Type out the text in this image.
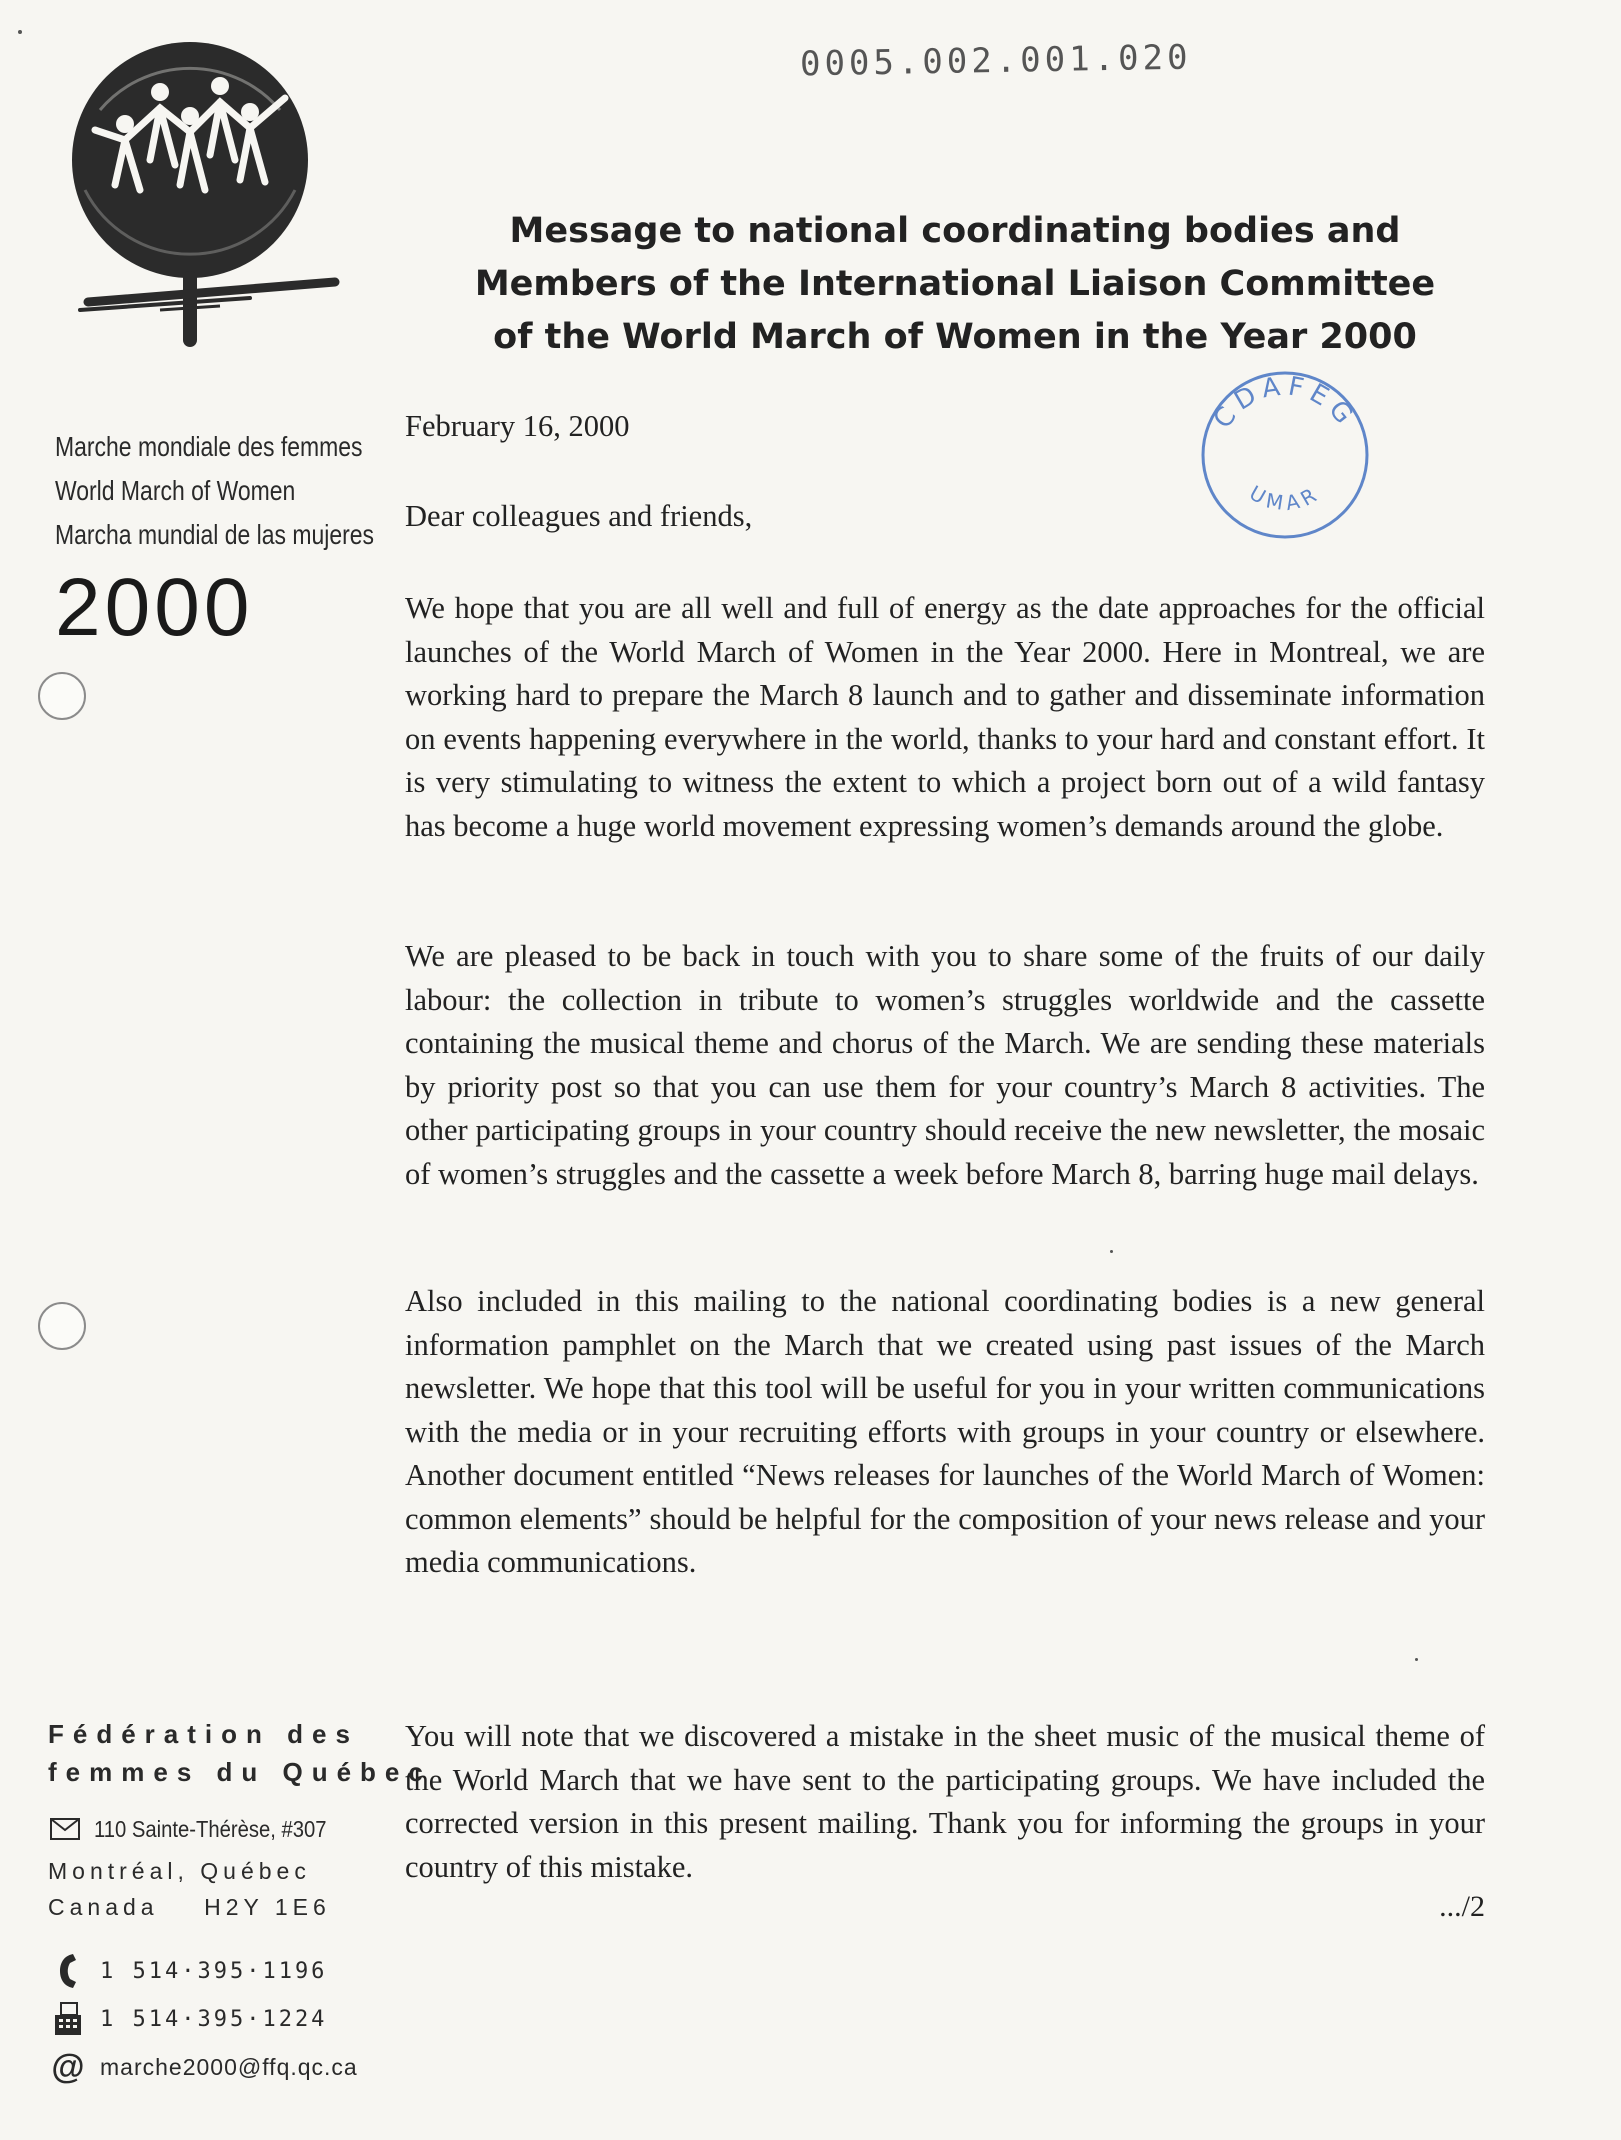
0005.002.001.020
Marche mondiale des femmes
World March of Women
Marcha mundial de las mujeres
2000
Message to national coordinating bodies and
Members of the International Liaison Committee
of the World March of Women in the Year 2000
CDAFEG
UMAR
February 16, 2000
Dear colleagues and friends,

We hope that you are all well and full of energy as the date approaches for the official launches of the World March of Women in the Year 2000. Here in Montreal, we are working hard to prepare the March 8 launch and to gather and disseminate information on events happening everywhere in the world, thanks to your hard and constant effort. It is very stimulating to witness the extent to which a project born out of a wild fantasy has become a huge world movement expressing women’s demands around the globe.

We are pleased to be back in touch with you to share some of the fruits of our daily labour: the collection in tribute to women’s struggles worldwide and the cassette containing the musical theme and chorus of the March. We are sending these materials by priority post so that you can use them for your country’s March 8 activities. The other participating groups in your country should receive the new newsletter, the mosaic of women’s struggles and the cassette a week before March 8, barring huge mail delays.

Also included in this mailing to the national coordinating bodies is a new general information pamphlet on the March that we created using past issues of the March newsletter. We hope that this tool will be useful for you in your written communications with the media or in your recruiting efforts with groups in your country or elsewhere. Another document entitled “News releases for launches of the World March of Women: common elements” should be helpful for the composition of your news release and your media communications.

You will note that we discovered a mistake in the sheet music of the musical theme of the World March that we have sent to the participating groups. We have included the corrected version in this present mailing. Thank you for informing the groups in your country of this mistake.

.../2
Fédération des
femmes du Québec
110 Sainte-Thérèse, #307
Montréal, Québec
Canada    H2Y 1E6
1 514·395·1196
1 514·395·1224
@ marche2000@ffq.qc.ca
